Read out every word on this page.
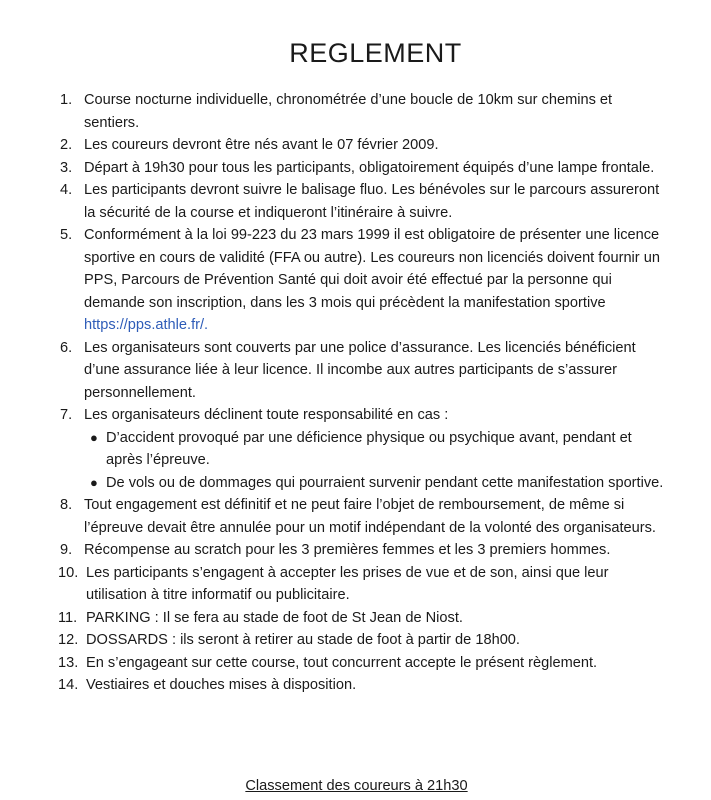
REGLEMENT
1. Course nocturne individuelle, chronométrée d’une boucle de 10km sur chemins et sentiers.
2. Les coureurs devront être nés avant le 07 février 2009.
3. Départ à 19h30 pour tous les participants, obligatoirement équipés d’une lampe frontale.
4. Les participants devront suivre le balisage fluo. Les bénévoles sur le parcours assureront la sécurité de la course et indiqueront l’itinéraire à suivre.
5. Conformément à la loi 99-223 du 23 mars 1999 il est obligatoire de présenter une licence sportive en cours de validité (FFA ou autre). Les coureurs non licenciés doivent fournir un PPS, Parcours de Prévention Santé qui doit avoir été effectué par la personne qui demande son inscription, dans les 3 mois qui précèdent la manifestation sportive https://pps.athle.fr/.
6. Les organisateurs sont couverts par une police d’assurance. Les licenciés bénéficient d’une assurance liée à leur licence. Il incombe aux autres participants de s’assurer personnellement.
7. Les organisateurs déclinent toute responsabilité en cas :
● D’accident provoqué par une déficience physique ou psychique avant, pendant et après l’épreuve.
● De vols ou de dommages qui pourraient survenir pendant cette manifestation sportive.
8. Tout engagement est définitif et ne peut faire l’objet de remboursement, de même si l’épreuve devait être annulée pour un motif indépendant de la volonté des organisateurs.
9. Récompense au scratch pour les 3 premières femmes et les 3 premiers hommes.
10. Les participants s’engagent à accepter les prises de vue et de son, ainsi que leur utilisation à titre informatif ou publicitaire.
11. PARKING : Il se fera au stade de foot de St Jean de Niost.
12. DOSSARDS : ils seront à retirer au stade de foot à partir de 18h00.
13. En s’engageant sur cette course, tout concurrent accepte le présent règlement.
14. Vestiaires et douches mises à disposition.
Classement des coureurs à 21h30
